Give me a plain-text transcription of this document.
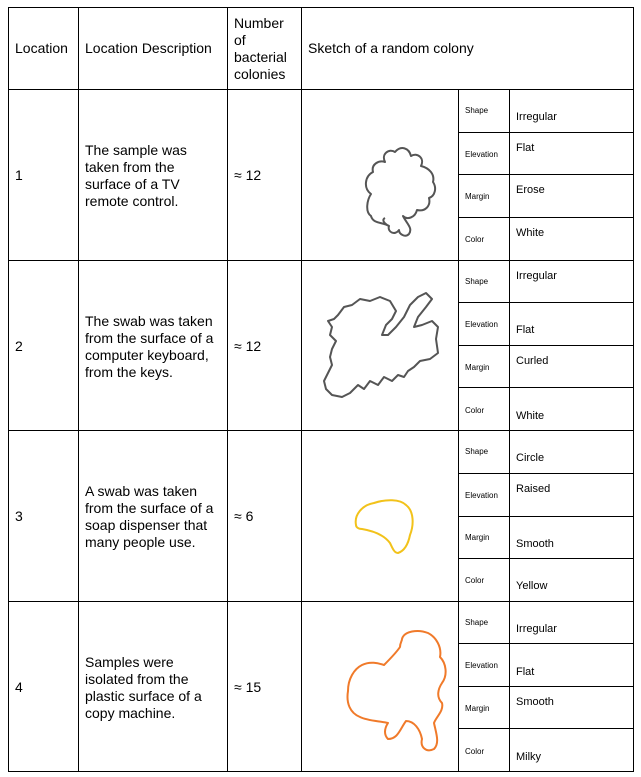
Location Location Description
Number
of
bacterial
colonies
Sketch of a random colony
1
The sample was
taken from the
surface of a TV
remote control.
≈ 12
Shape
Elevation
Margin
Color
Irregular
Flat
Erose
White
2
The swab was taken
from the surface of a
computer keyboard,
from the keys.
≈ 12
Shape
Elevation
Margin
Color
Irregular
Flat
Curled
White
3
A swab was taken
from the surface of a
soap dispenser that
many people use.
≈ 6
Shape
Elevation
Margin
Color
Circle
Raised
Smooth
Yellow
4
Samples were
isolated from the
plastic surface of a
copy machine.
≈ 15
Shape
Elevation
Margin
Color
Irregular
Flat
Smooth
Milky
